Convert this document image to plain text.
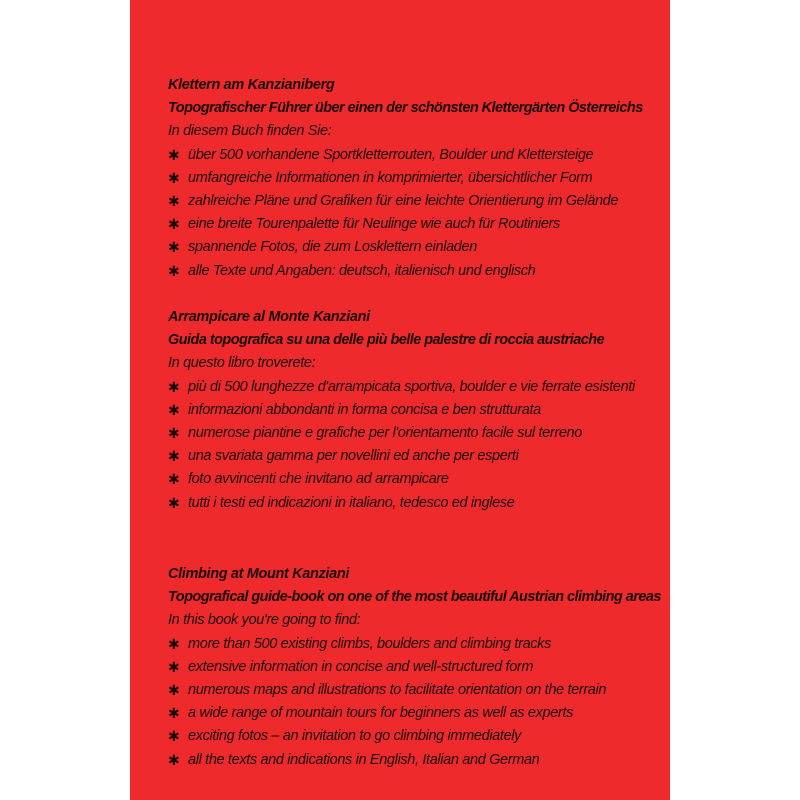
Klettern am Kanzianiberg
Topografischer Führer über einen der schönsten Klettergärten Österreichs
In diesem Buch finden Sie:
✱ über 500 vorhandene Sportkletterrouten, Boulder und Klettersteige
✱ umfangreiche Informationen in komprimierter, übersichtlicher Form
✱ zahlreiche Pläne und Grafiken für eine leichte Orientierung im Gelände
✱ eine breite Tourenpalette für Neulinge wie auch für Routiniers
✱ spannende Fotos, die zum Losklettern einladen
✱ alle Texte und Angaben: deutsch, italienisch und englisch
Arrampicare al Monte Kanziani
Guida topografica su una delle più belle palestre di roccia austriache
In questo libro troverete:
✱ più di 500 lunghezze d'arrampicata sportiva, boulder e vie ferrate esistenti
✱ informazioni abbondanti in forma concisa e ben strutturata
✱ numerose piantine e grafiche per l'orientamento facile sul terreno
✱ una svariata gamma per novellini ed anche per esperti
✱ foto avvincenti che invitano ad arrampicare
✱ tutti i testi ed indicazioni in italiano, tedesco ed inglese
Climbing at Mount Kanziani
Topografical guide-book on one of the most beautiful Austrian climbing areas
In this book you're going to find:
✱ more than 500 existing climbs, boulders and climbing tracks
✱ extensive information in concise and well-structured form
✱ numerous maps and illustrations to facilitate orientation on the terrain
✱ a wide range of mountain tours for beginners as well as experts
✱ exciting fotos – an invitation to go climbing immediately
✱ all the texts and indications in English, Italian and German
